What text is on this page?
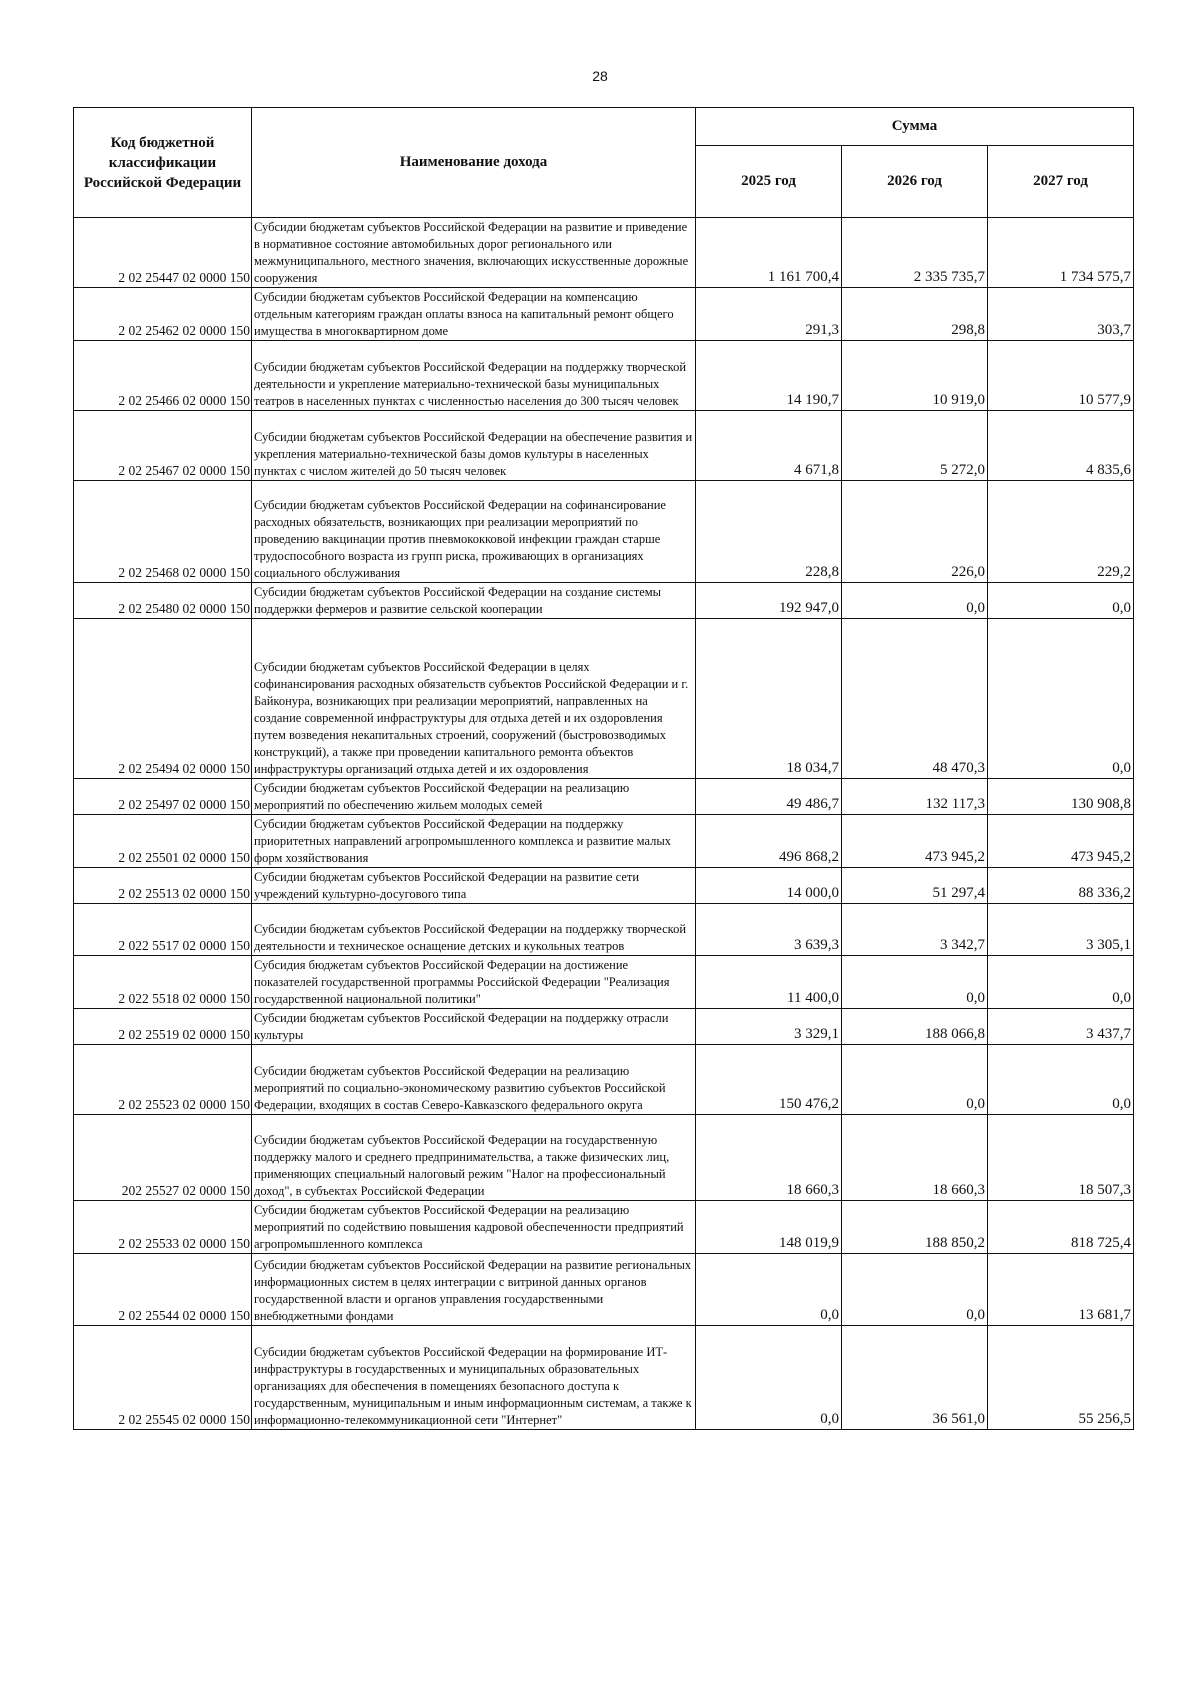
28
Код бюджетной классификации Российской Федерации	Наименование дохода	Сумма		
		2025 год	2026 год	2027 год
2 02 25447 02 0000 150	Субсидии бюджетам субъектов Российской Федерации на развитие и приведение в нормативное состояние автомобильных дорог регионального или межмуниципального, местного значения, включающих искусственные дорожные сооружения	1 161 700,4	2 335 735,7	1 734 575,7
2 02 25462 02 0000 150	Субсидии бюджетам субъектов Российской Федерации на компенсацию отдельным категориям граждан оплаты взноса на капитальный ремонт общего имущества в многоквартирном доме	291,3	298,8	303,7
2 02 25466 02 0000 150	Субсидии бюджетам субъектов Российской Федерации на поддержку творческой деятельности и укрепление материально-технической базы муниципальных театров в населенных пунктах с численностью населения до 300 тысяч человек	14 190,7	10 919,0	10 577,9
2 02 25467 02 0000 150	Субсидии бюджетам субъектов Российской Федерации на обеспечение развития и укрепления материально-технической базы домов культуры в населенных пунктах с числом жителей до 50 тысяч человек	4 671,8	5 272,0	4 835,6
2 02 25468 02 0000 150	Субсидии бюджетам субъектов Российской Федерации на софинансирование расходных обязательств, возникающих при реализации мероприятий по проведению вакцинации против пневмококковой инфекции граждан старше трудоспособного возраста из групп риска, проживающих в организациях социального обслуживания	228,8	226,0	229,2
2 02 25480 02 0000 150	Субсидии бюджетам субъектов Российской Федерации на создание системы поддержки фермеров и развитие сельской кооперации	192 947,0	0,0	0,0
2 02 25494 02 0000 150	Субсидии бюджетам субъектов Российской Федерации в целях софинансирования расходных обязательств субъектов Российской Федерации и г. Байконура, возникающих при реализации мероприятий, направленных на создание современной инфраструктуры для отдыха детей и их оздоровления путем возведения некапитальных строений, сооружений (быстровозводимых конструкций), а также при проведении капитального ремонта объектов инфраструктуры организаций отдыха детей и их оздоровления	18 034,7	48 470,3	0,0
2 02 25497 02 0000 150	Субсидии бюджетам субъектов Российской Федерации на реализацию мероприятий по обеспечению жильем молодых семей	49 486,7	132 117,3	130 908,8
2 02 25501 02 0000 150	Субсидии бюджетам субъектов Российской Федерации на поддержку приоритетных направлений агропромышленного комплекса и развитие малых форм хозяйствования	496 868,2	473 945,2	473 945,2
2 02 25513 02 0000 150	Субсидии бюджетам субъектов Российской Федерации на развитие сети учреждений культурно-досугового типа	14 000,0	51 297,4	88 336,2
2 022 5517 02 0000 150	Субсидии бюджетам субъектов Российской Федерации на поддержку творческой деятельности и техническое оснащение детских и кукольных театров	3 639,3	3 342,7	3 305,1
2 022 5518 02 0000 150	Субсидия бюджетам субъектов Российской Федерации на достижение показателей государственной программы Российской Федерации "Реализация государственной национальной политики"	11 400,0	0,0	0,0
2 02 25519 02 0000 150	Субсидии бюджетам субъектов Российской Федерации на поддержку отрасли культуры	3 329,1	188 066,8	3 437,7
2 02 25523 02 0000 150	Субсидии бюджетам субъектов Российской Федерации на реализацию мероприятий по социально-экономическому развитию субъектов Российской Федерации, входящих в состав Северо-Кавказского федерального округа	150 476,2	0,0	0,0
202 25527 02 0000 150	Субсидии бюджетам субъектов Российской Федерации на государственную поддержку малого и среднего предпринимательства, а также физических лиц, применяющих специальный налоговый режим "Налог на профессиональный доход", в субъектах Российской Федерации	18 660,3	18 660,3	18 507,3
2 02 25533 02 0000 150	Субсидии бюджетам субъектов Российской Федерации на реализацию мероприятий по содействию повышения кадровой обеспеченности предприятий агропромышленного комплекса	148 019,9	188 850,2	818 725,4
2 02 25544 02 0000 150	Субсидии бюджетам субъектов Российской Федерации на развитие региональных информационных систем в целях интеграции с витриной данных органов государственной власти и органов управления государственными внебюджетными фондами	0,0	0,0	13 681,7
2 02 25545 02 0000 150	Субсидии бюджетам субъектов Российской Федерации на формирование ИТ-инфраструктуры в государственных и муниципальных образовательных организациях для обеспечения в помещениях безопасного доступа к государственным, муниципальным и иным информационным системам, а также к информационно-телекоммуникационной сети "Интернет"	0,0	36 561,0	55 256,5
